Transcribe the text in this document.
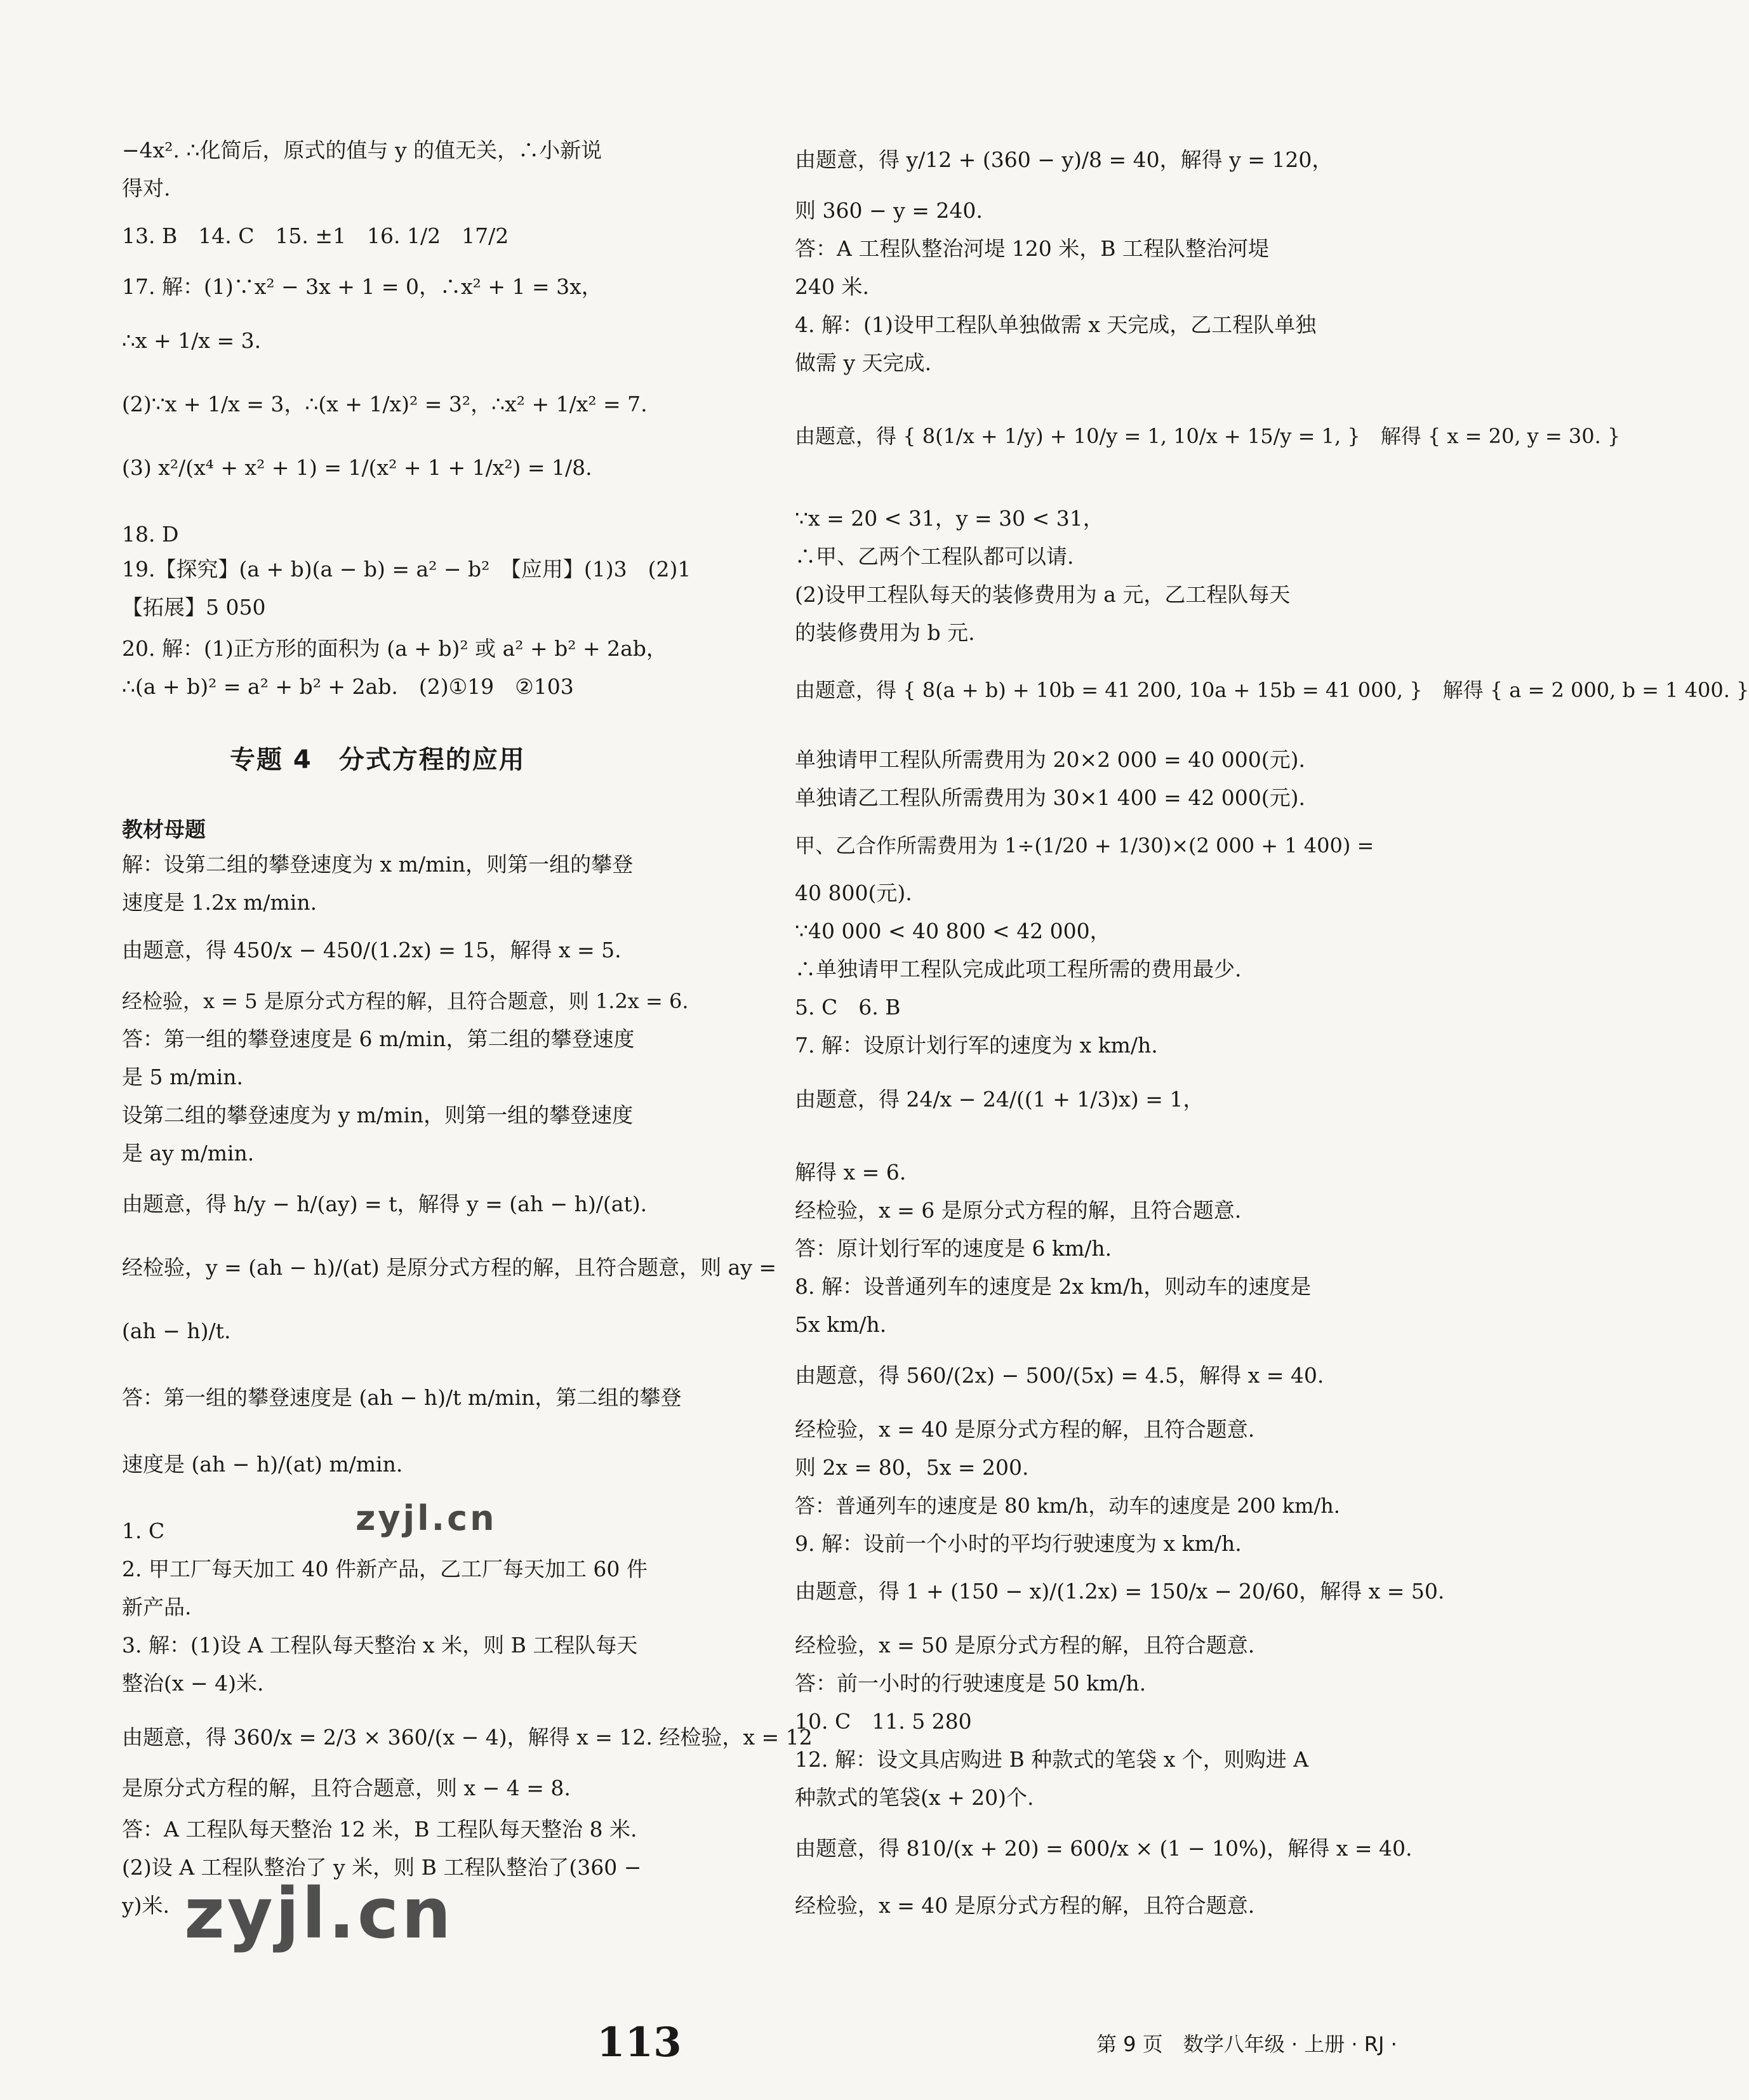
−4x². ∴化简后，原式的值与 y 的值无关，∴小新说
得对.
13. B　14. C　15. ±1　16. 1/2　17/2
17. 解：(1)∵x² − 3x + 1 = 0，∴x² + 1 = 3x，
∴x + 1/x = 3.
(2)∵x + 1/x = 3，∴(x + 1/x)² = 3²，∴x² + 1/x² = 7.
(3) x²/(x⁴ + x² + 1) = 1/(x² + 1 + 1/x²) = 1/8.
18. D
19.【探究】(a + b)(a − b) = a² − b²　【应用】(1)3　(2)1
【拓展】5 050
20. 解：(1)正方形的面积为 (a + b)² 或 a² + b² + 2ab，
∴(a + b)² = a² + b² + 2ab.　(2)①19　②103
专题 4　分式方程的应用
教材母题
解：设第二组的攀登速度为 x m/min，则第一组的攀登
速度是 1.2x m/min.
由题意，得 450/x − 450/(1.2x) = 15，解得 x = 5.
经检验，x = 5 是原分式方程的解，且符合题意，则 1.2x = 6.
答：第一组的攀登速度是 6 m/min，第二组的攀登速度
是 5 m/min.
设第二组的攀登速度为 y m/min，则第一组的攀登速度
是 ay m/min.
由题意，得 h/y − h/(ay) = t，解得 y = (ah − h)/(at).
经检验，y = (ah − h)/(at) 是原分式方程的解，且符合题意，则 ay =
(ah − h)/t.
答：第一组的攀登速度是 (ah − h)/t m/min，第二组的攀登
速度是 (ah − h)/(at) m/min.
1. C
2. 甲工厂每天加工 40 件新产品，乙工厂每天加工 60 件
新产品.
3. 解：(1)设 A 工程队每天整治 x 米，则 B 工程队每天
整治(x − 4)米.
由题意，得 360/x = 2/3 × 360/(x − 4)，解得 x = 12. 经检验，x = 12
是原分式方程的解，且符合题意，则 x − 4 = 8.
答：A 工程队每天整治 12 米，B 工程队每天整治 8 米.
(2)设 A 工程队整治了 y 米，则 B 工程队整治了(360 −
y)米.
由题意，得 y/12 + (360 − y)/8 = 40，解得 y = 120，
则 360 − y = 240.
答：A 工程队整治河堤 120 米，B 工程队整治河堤
240 米.
4. 解：(1)设甲工程队单独做需 x 天完成，乙工程队单独
做需 y 天完成.
由题意，得 { 8(1/x + 1/y) + 10/y = 1, 10/x + 15/y = 1, }　解得 { x = 20, y = 30. }
∵x = 20 < 31，y = 30 < 31，
∴甲、乙两个工程队都可以请.
(2)设甲工程队每天的装修费用为 a 元，乙工程队每天
的装修费用为 b 元.
由题意，得 { 8(a + b) + 10b = 41 200, 10a + 15b = 41 000, }　解得 { a = 2 000, b = 1 400. }
单独请甲工程队所需费用为 20×2 000 = 40 000(元).
单独请乙工程队所需费用为 30×1 400 = 42 000(元).
甲、乙合作所需费用为 1÷(1/20 + 1/30)×(2 000 + 1 400) =
40 800(元).
∵40 000 < 40 800 < 42 000，
∴单独请甲工程队完成此项工程所需的费用最少.
5. C　6. B
7. 解：设原计划行军的速度为 x km/h.
由题意，得 24/x − 24/((1 + 1/3)x) = 1，
解得 x = 6.
经检验，x = 6 是原分式方程的解，且符合题意.
答：原计划行军的速度是 6 km/h.
8. 解：设普通列车的速度是 2x km/h，则动车的速度是
5x km/h.
由题意，得 560/(2x) − 500/(5x) = 4.5，解得 x = 40.
经检验，x = 40 是原分式方程的解，且符合题意.
则 2x = 80，5x = 200.
答：普通列车的速度是 80 km/h，动车的速度是 200 km/h.
9. 解：设前一个小时的平均行驶速度为 x km/h.
由题意，得 1 + (150 − x)/(1.2x) = 150/x − 20/60，解得 x = 50.
经检验，x = 50 是原分式方程的解，且符合题意.
答：前一小时的行驶速度是 50 km/h.
10. C　11. 5 280
12. 解：设文具店购进 B 种款式的笔袋 x 个，则购进 A
种款式的笔袋(x + 20)个.
由题意，得 810/(x + 20) = 600/x × (1 − 10%)，解得 x = 40.
经检验，x = 40 是原分式方程的解，且符合题意.
zyjl.cn
zyjl.cn
113	第 9 页　数学八年级 · 上册 · RJ ·
